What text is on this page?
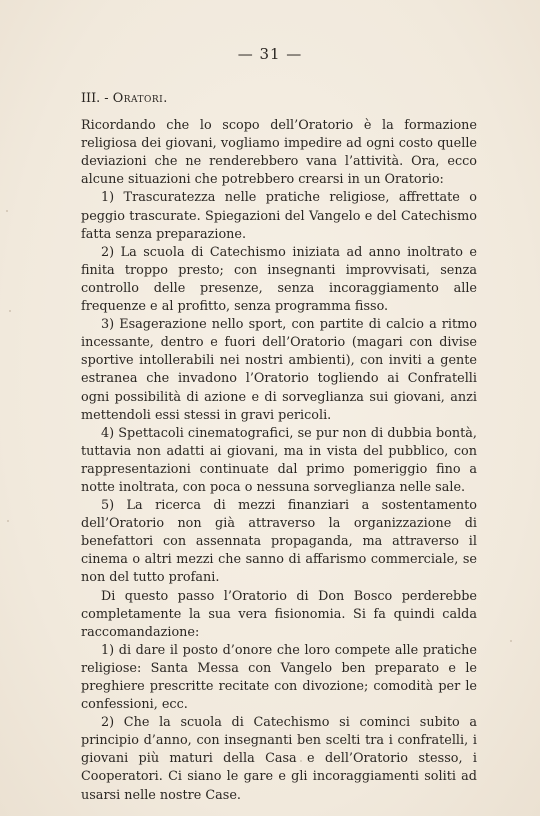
— 31 —
III. - Oratori.

Ricordando che lo scopo dell’Oratorio è la formazione religiosa dei giovani, vogliamo impedire ad ogni costo quelle deviazioni che ne renderebbero vana l’attività. Ora, ecco alcune situazioni che potrebbero crearsi in un Oratorio:

1) Trascuratezza nelle pratiche religiose, affrettate o peggio trascurate. Spiegazioni del Vangelo e del Catechismo fatta senza preparazione.

2) La scuola di Catechismo iniziata ad anno inoltrato e finita troppo presto; con insegnanti improvvisati, senza controllo delle presenze, senza incoraggiamento alle frequenze e al profitto, senza programma fisso.

3) Esagerazione nello sport, con partite di calcio a ritmo incessante, dentro e fuori dell’Oratorio (magari con divise sportive intollerabili nei nostri ambienti), con inviti a gente estranea che invadono l’Oratorio togliendo ai Confratelli ogni possibilità di azione e di sorveglianza sui giovani, anzi mettendoli essi stessi in gravi pericoli.

4) Spettacoli cinematografici, se pur non di dubbia bontà, tuttavia non adatti ai giovani, ma in vista del pubblico, con rappresentazioni continuate dal primo pomeriggio fino a notte inoltrata, con poca o nessuna sorveglianza nelle sale.

5) La ricerca di mezzi finanziari a sostentamento dell’Oratorio non già attraverso la organizzazione di benefattori con assennata propaganda, ma attraverso il cinema o altri mezzi che sanno di affarismo commerciale, se non del tutto profani.

Di questo passo l’Oratorio di Don Bosco perderebbe completamente la sua vera fisionomia. Si fa quindi calda raccomandazione:

1) di dare il posto d’onore che loro compete alle pratiche religiose: Santa Messa con Vangelo ben preparato e le preghiere prescritte recitate con divozione; comodità per le confessioni, ecc.

2) Che la scuola di Catechismo si cominci subito a principio d’anno, con insegnanti ben scelti tra i confratelli, i giovani più maturi della Casa e dell’Oratorio stesso, i Cooperatori. Ci siano le gare e gli incoraggiamenti soliti ad usarsi nelle nostre Case.
